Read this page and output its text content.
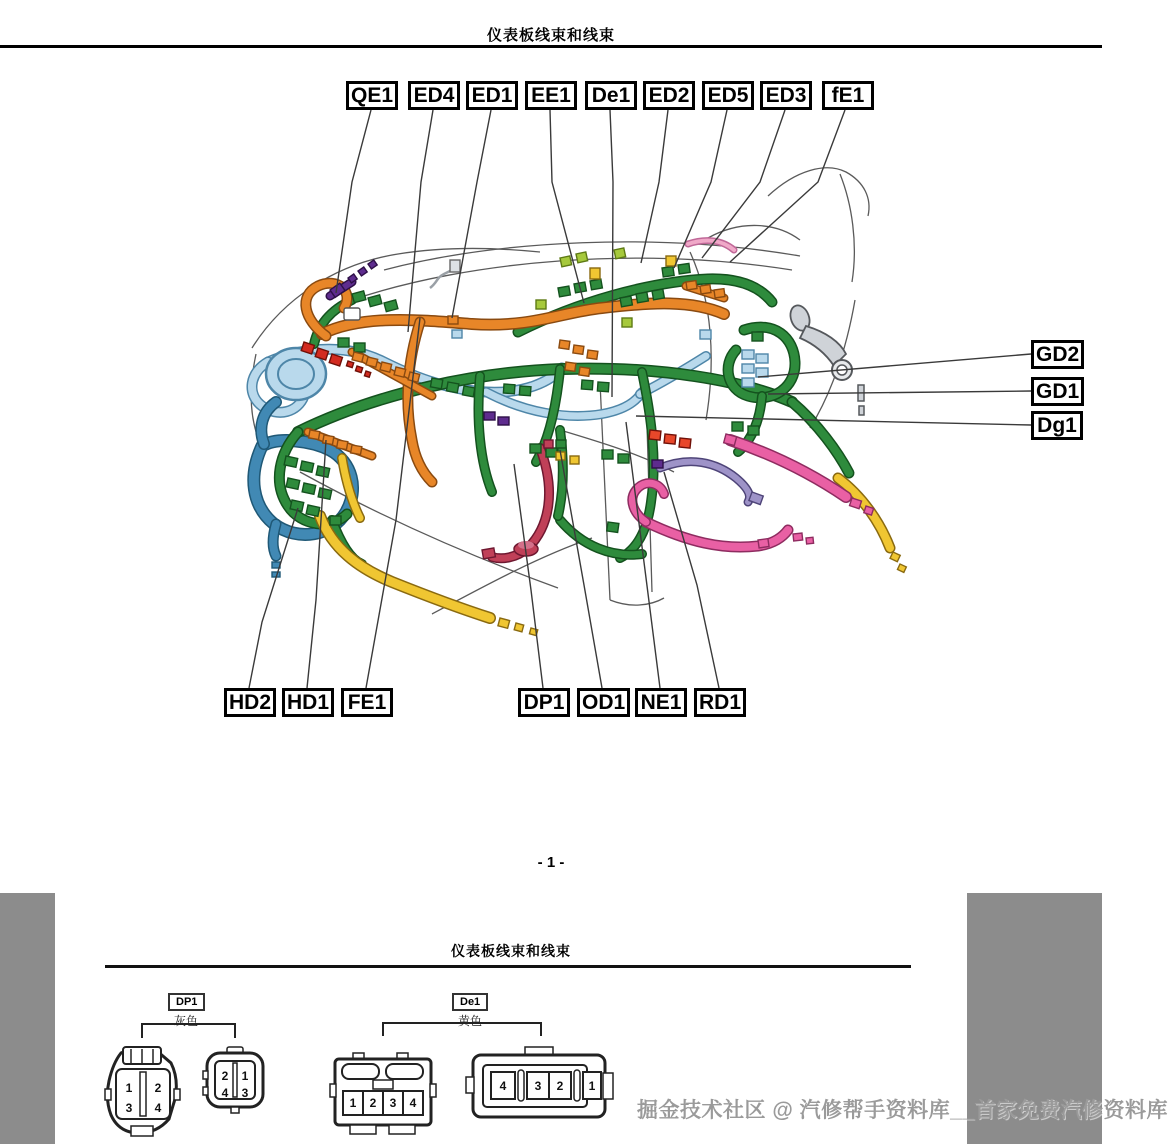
仪表板线束和线束
QE1 ED4 ED1 EE1 De1 ED2 ED5 ED3	fE1
GD2
GD1
Dg1
HD2 HD1 FE1	DP1 OD1 NE1 RD1
- 1 -
仪表板线束和线束
DP1
灰色
De1
黄色
1 2
3 4
2 1
4 3
1 2 3 4
4 3 2 1
掘金技术社区 @ 汽修帮手资料库__首家免费汽修资料库
